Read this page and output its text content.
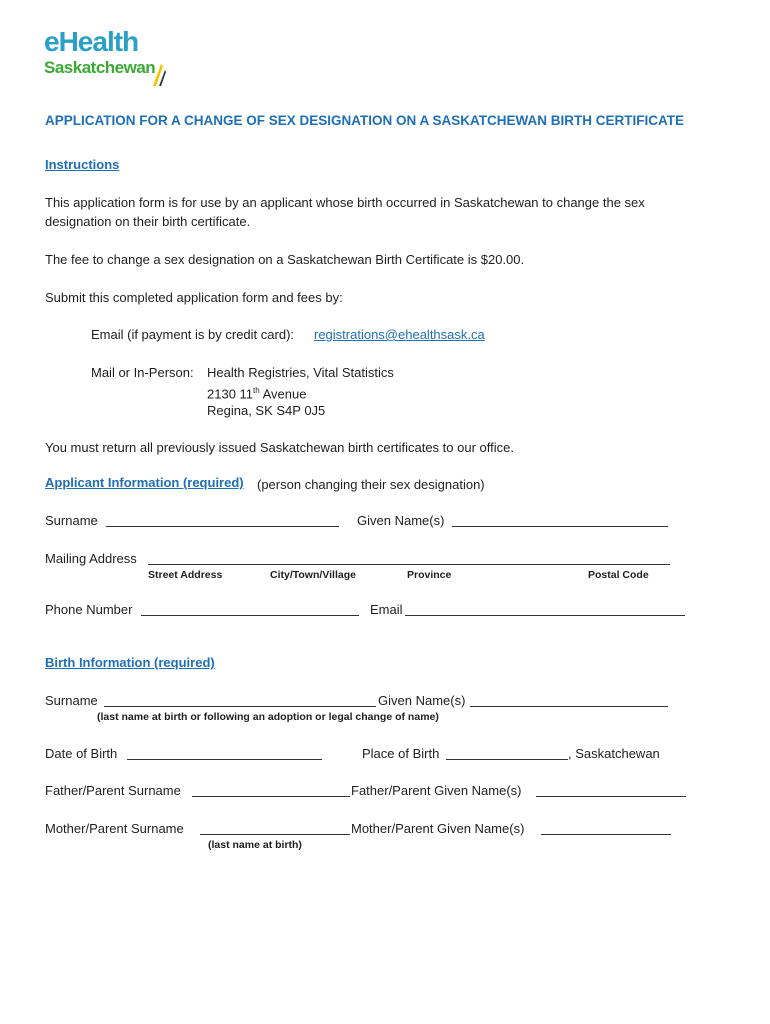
eHealth
Saskatchewan
APPLICATION FOR A CHANGE OF SEX DESIGNATION ON A SASKATCHEWAN BIRTH CERTIFICATE
Instructions
This application form is for use by an applicant whose birth occurred in Saskatchewan to change the sex
designation on their birth certificate.
The fee to change a sex designation on a Saskatchewan Birth Certificate is $20.00.
Submit this completed application form and fees by:
Email (if payment is by credit card): registrations@ehealthsask.ca
Mail or In-Person: Health Registries, Vital Statistics
2130 11th Avenue
Regina, SK S4P 0J5
You must return all previously issued Saskatchewan birth certificates to our office.
Applicant Information (required) (person changing their sex designation)
Surname	Given Name(s)
Mailing Address
Street Address	City/Town/Village	Province	Postal Code
Phone Number	Email
Birth Information (required)
Surname	Given Name(s)
(last name at birth or following an adoption or legal change of name)
Date of Birth	Place of Birth	, Saskatchewan
Father/Parent Surname	Father/Parent Given Name(s)
Mother/Parent Surname	Mother/Parent Given Name(s)
(last name at birth)
